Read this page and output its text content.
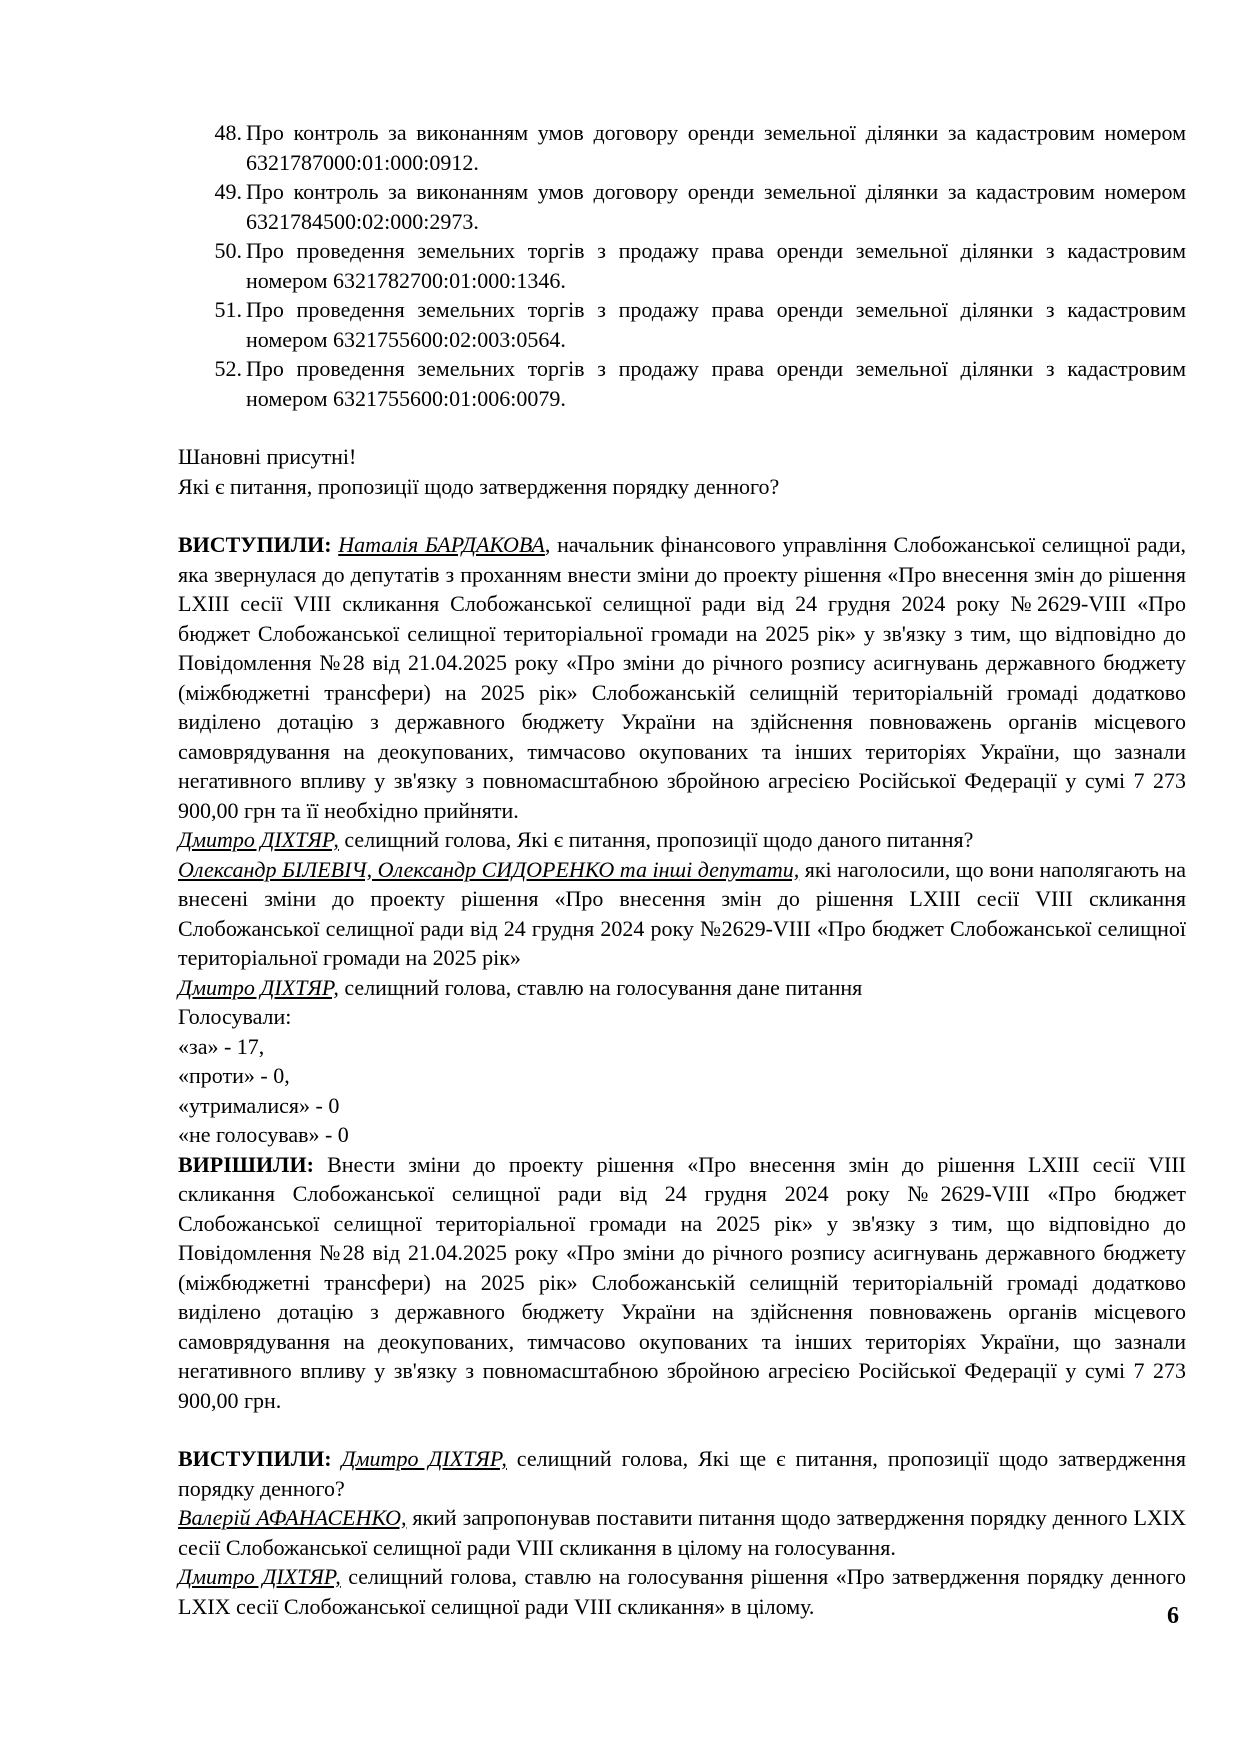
48. Про контроль за виконанням умов договору оренди земельної ділянки за кадастровим номером 6321787000:01:000:0912.
49. Про контроль за виконанням умов договору оренди земельної ділянки за кадастровим номером 6321784500:02:000:2973.
50. Про проведення земельних торгів з продажу права оренди земельної ділянки з кадастровим номером 6321782700:01:000:1346.
51. Про проведення земельних торгів з продажу права оренди земельної ділянки з кадастровим номером 6321755600:02:003:0564.
52. Про проведення земельних торгів з продажу права оренди земельної ділянки з кадастровим номером 6321755600:01:006:0079.

Шановні присутні!

Які є питання, пропозиції щодо затвердження порядку денного?

ВИСТУПИЛИ: Наталія БАРДАКОВА, начальник фінансового управління Слобожанської селищної ради, яка звернулася до депутатів з проханням внести зміни до проекту рішення «Про внесення змін до рішення LXIII сесії VIII скликання Слобожанської селищної ради від 24 грудня 2024 року №2629-VIII «Про бюджет Слобожанської селищної територіальної громади на 2025 рік» у зв'язку з тим, що відповідно до Повідомлення №28 від 21.04.2025 року «Про зміни до річного розпису асигнувань державного бюджету (міжбюджетні трансфери) на 2025 рік» Слобожанській селищній територіальній громаді додатково виділено дотацію з державного бюджету України на здійснення повноважень органів місцевого самоврядування на деокупованих, тимчасово окупованих та інших територіях України, що зазнали негативного впливу у зв'язку з повномасштабною збройною агресією Російської Федерації у сумі 7 273 900,00 грн та її необхідно прийняти.

Дмитро ДІХТЯР, селищний голова, Які є питання, пропозиції щодо даного питання?

Олександр БІЛЕВІЧ, Олександр СИДОРЕНКО та інші депутати, які наголосили, що вони наполягають на внесені зміни до проекту рішення «Про внесення змін до рішення LXIII сесії VIII скликання Слобожанської селищної ради від 24 грудня 2024 року №2629-VIII «Про бюджет Слобожанської селищної територіальної громади на 2025 рік»

Дмитро ДІХТЯР, селищний голова, ставлю на голосування дане питання

Голосували:

«за» - 17,

«проти» - 0,

«утрималися» - 0

«не голосував» - 0

ВИРІШИЛИ: Внести зміни до проекту рішення «Про внесення змін до рішення LXIII сесії VIII скликання Слобожанської селищної ради від 24 грудня 2024 року №2629-VIII «Про бюджет Слобожанської селищної територіальної громади на 2025 рік» у зв'язку з тим, що відповідно до Повідомлення №28 від 21.04.2025 року «Про зміни до річного розпису асигнувань державного бюджету (міжбюджетні трансфери) на 2025 рік» Слобожанській селищній територіальній громаді додатково виділено дотацію з державного бюджету України на здійснення повноважень органів місцевого самоврядування на деокупованих, тимчасово окупованих та інших територіях України, що зазнали негативного впливу у зв'язку з повномасштабною збройною агресією Російської Федерації у сумі 7 273 900,00 грн.

ВИСТУПИЛИ: Дмитро ДІХТЯР, селищний голова, Які ще є питання, пропозиції щодо затвердження порядку денного?

Валерій АФАНАСЕНКО, який запропонував поставити питання щодо затвердження порядку денного LXIX сесії Слобожанської селищної ради VIII скликання в цілому на голосування.

Дмитро ДІХТЯР, селищний голова, ставлю на голосування рішення «Про затвердження порядку денного LXIX сесії Слобожанської селищної ради VIII скликання» в цілому.	6
